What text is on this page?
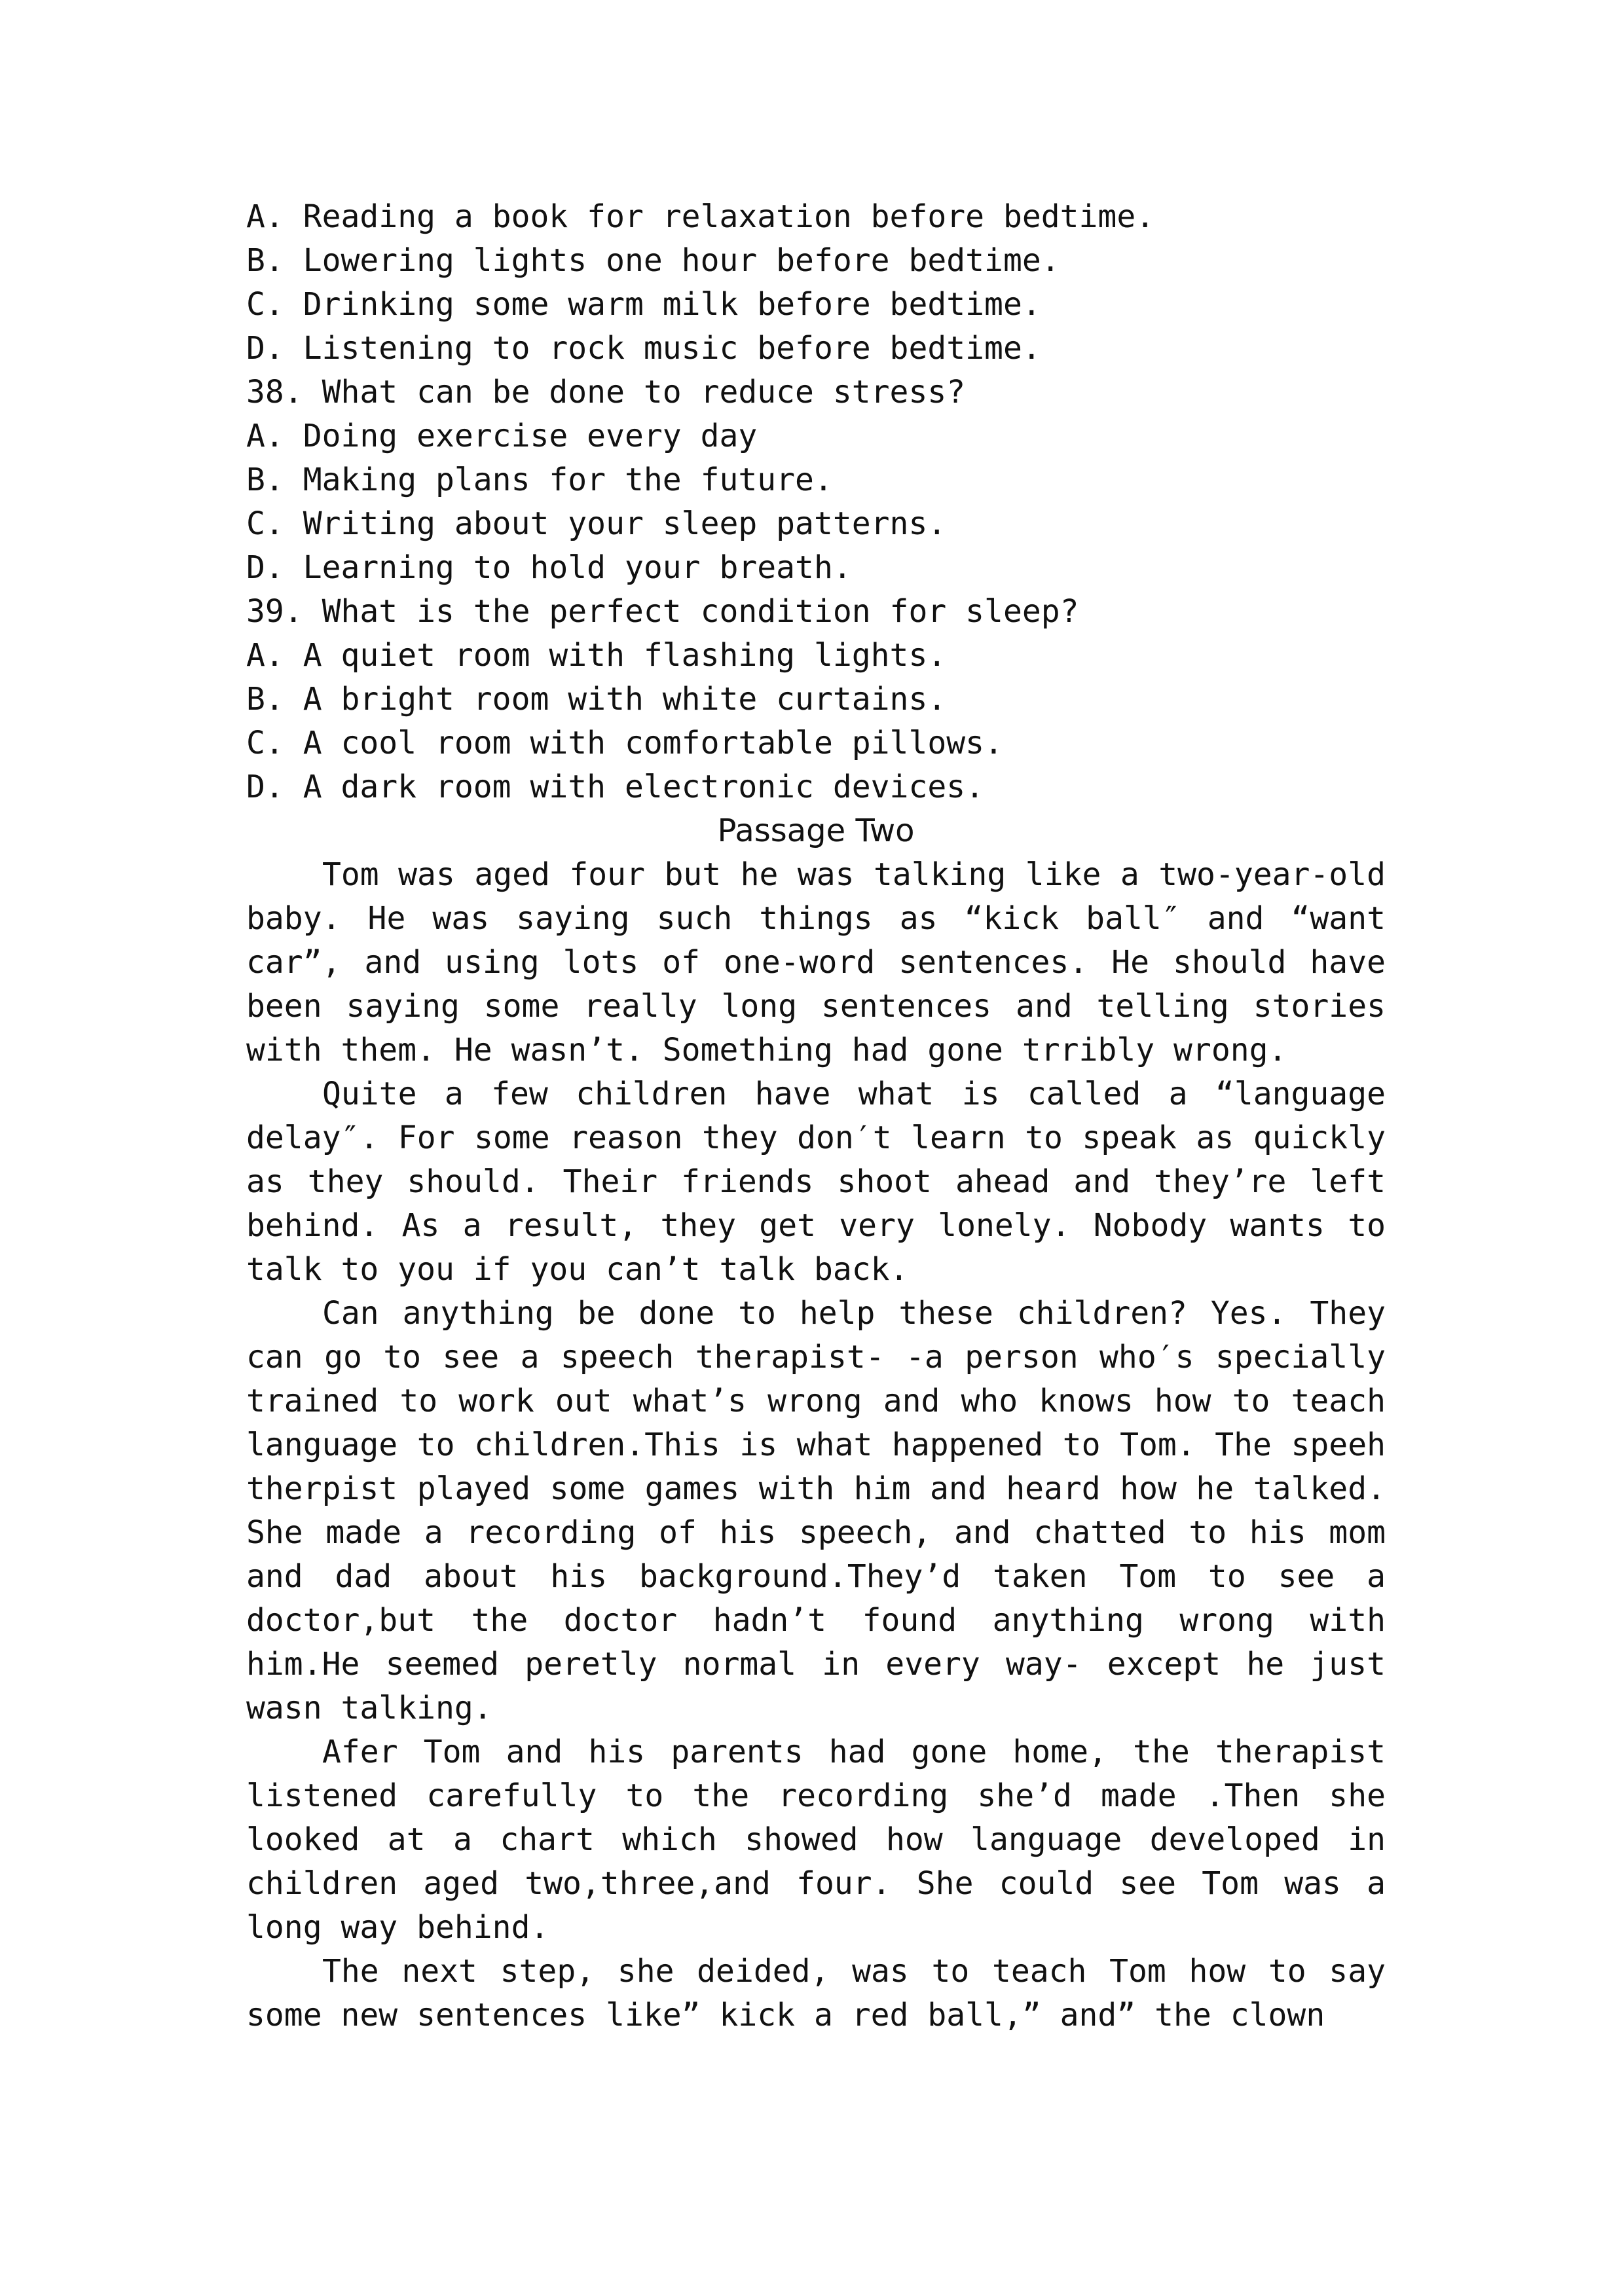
A. Reading a book for relaxation before bedtime.
B. Lowering lights one hour before bedtime.
C. Drinking some warm milk before bedtime.
D. Listening to rock music before bedtime.
38. What can be done to reduce stress?
A. Doing exercise every day
B. Making plans for the future.
C. Writing about your sleep patterns.
D. Learning to hold your breath.
39. What is the perfect condition for sleep?
A. A quiet room with flashing lights.
B. A bright room with white curtains.
C. A cool room with comfortable pillows.
D. A dark room with electronic devices.
Passage Two
Tom was aged four but he was talking like a two-year-old baby. He was saying such things as “kick ball″ and “want car”, and using lots of one-word sentences. He should have been saying some really long sentences and telling stories with them. He wasn’t. Something had gone trribly wrong.
Quite a few children have what is called a “language delay″. For some reason they don′t learn to speak as quickly as they should. Their friends shoot ahead and they’re left behind. As a result, they get very lonely. Nobody wants to talk to you if you can’t talk back.
Can anything be done to help these children? Yes. They can go to see a speech therapist- -a person who′s specially trained to work out what’s wrong and who knows how to teach language to children.This is what happened to Tom. The speeh therpist played some games with him and heard how he talked. She made a recording of his speech, and chatted to his mom and dad about his background.They’d taken Tom to see a doctor,but the doctor hadn’t found anything wrong with him.He seemed peretly normal in every way- except he just wasn talking.
Afer Tom and his parents had gone home, the therapist listened carefully to the recording she’d made .Then she looked at a chart which showed how language developed in children aged two,three,and four. She could see Tom was a long way behind.
The next step, she deided, was to teach Tom how to say some new sentences like” kick a red ball,” and” the clown
